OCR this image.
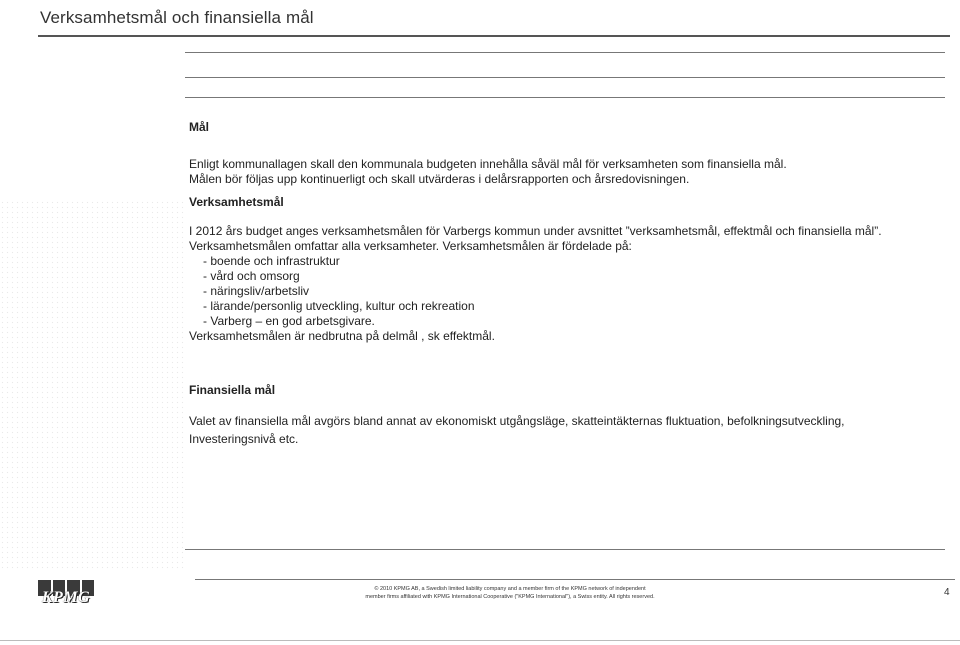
Verksamhetsmål och finansiella mål
Mål

Enligt kommunallagen skall den kommunala budgeten innehålla såväl mål för verksamheten som finansiella mål.

Målen bör följas upp kontinuerligt och skall utvärderas i delårsrapporten och årsredovisningen.

Verksamhetsmål

I 2012 års budget anges verksamhetsmålen för Varbergs kommun under avsnittet ”verksamhetsmål, effektmål och finansiella mål”.

Verksamhetsmålen omfattar alla verksamheter. Verksamhetsmålen är fördelade på:

- boende och infrastruktur
- vård och omsorg
- näringsliv/arbetsliv
- lärande/personlig utveckling, kultur och rekreation
- Varberg – en god arbetsgivare.

Verksamhetsmålen är nedbrutna på delmål , sk effektmål.

Finansiella mål

Valet av finansiella mål avgörs bland annat av ekonomiskt utgångsläge, skatteintäkternas fluktuation, befolkningsutveckling,

Investeringsnivå etc.

KPMG	© 2010 KPMG AB, a Swedish limited liability company and a member firm of the KPMG network of independent
member firms affiliated with KPMG International Cooperative ("KPMG International"), a Swiss entity. All rights reserved.	4
